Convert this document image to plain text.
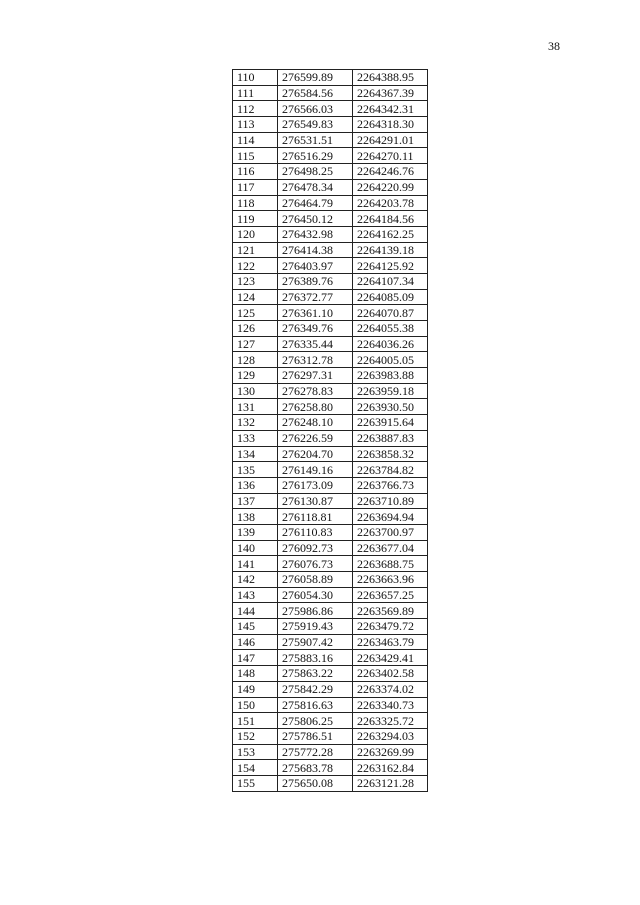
38
110	276599.89	2264388.95
111	276584.56	2264367.39
112	276566.03	2264342.31
113	276549.83	2264318.30
114	276531.51	2264291.01
115	276516.29	2264270.11
116	276498.25	2264246.76
117	276478.34	2264220.99
118	276464.79	2264203.78
119	276450.12	2264184.56
120	276432.98	2264162.25
121	276414.38	2264139.18
122	276403.97	2264125.92
123	276389.76	2264107.34
124	276372.77	2264085.09
125	276361.10	2264070.87
126	276349.76	2264055.38
127	276335.44	2264036.26
128	276312.78	2264005.05
129	276297.31	2263983.88
130	276278.83	2263959.18
131	276258.80	2263930.50
132	276248.10	2263915.64
133	276226.59	2263887.83
134	276204.70	2263858.32
135	276149.16	2263784.82
136	276173.09	2263766.73
137	276130.87	2263710.89
138	276118.81	2263694.94
139	276110.83	2263700.97
140	276092.73	2263677.04
141	276076.73	2263688.75
142	276058.89	2263663.96
143	276054.30	2263657.25
144	275986.86	2263569.89
145	275919.43	2263479.72
146	275907.42	2263463.79
147	275883.16	2263429.41
148	275863.22	2263402.58
149	275842.29	2263374.02
150	275816.63	2263340.73
151	275806.25	2263325.72
152	275786.51	2263294.03
153	275772.28	2263269.99
154	275683.78	2263162.84
155	275650.08	2263121.28
